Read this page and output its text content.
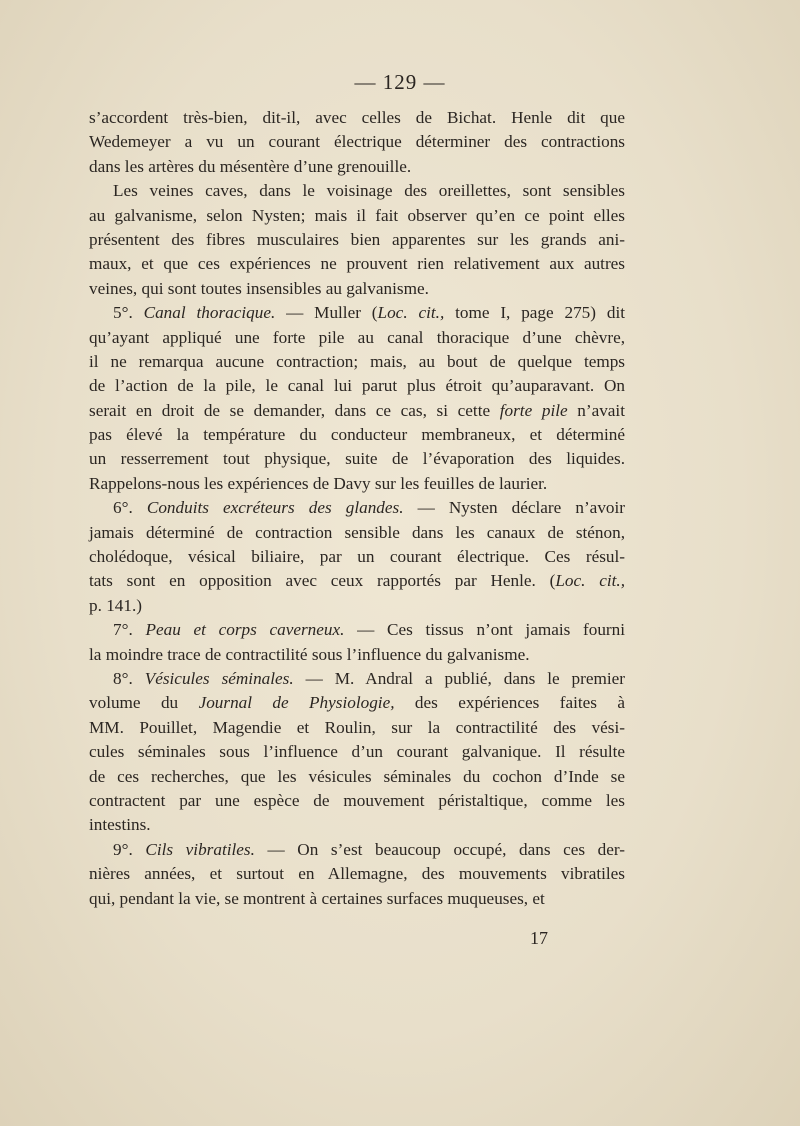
— 129 —
s’accordent très-bien, dit-il, avec celles de Bichat. Henle dit que
Wedemeyer a vu un courant électrique déterminer des contractions
dans les artères du mésentère d’une grenouille.
Les veines caves, dans le voisinage des oreillettes, sont sensibles
au galvanisme, selon Nysten; mais il fait observer qu’en ce point elles
présentent des fibres musculaires bien apparentes sur les grands ani-
maux, et que ces expériences ne prouvent rien relativement aux autres
veines, qui sont toutes insensibles au galvanisme.
5°. Canal thoracique. — Muller (Loc. cit., tome I, page 275) dit
qu’ayant appliqué une forte pile au canal thoracique d’une chèvre,
il ne remarqua aucune contraction; mais, au bout de quelque temps
de l’action de la pile, le canal lui parut plus étroit qu’auparavant. On
serait en droit de se demander, dans ce cas, si cette forte pile n’avait
pas élevé la température du conducteur membraneux, et déterminé
un resserrement tout physique, suite de l’évaporation des liquides.
Rappelons-nous les expériences de Davy sur les feuilles de laurier.
6°. Conduits excréteurs des glandes. — Nysten déclare n’avoir
jamais déterminé de contraction sensible dans les canaux de sténon,
cholédoque, vésical biliaire, par un courant électrique. Ces résul-
tats sont en opposition avec ceux rapportés par Henle. (Loc. cit.,
p. 141.)
7°. Peau et corps caverneux. — Ces tissus n’ont jamais fourni
la moindre trace de contractilité sous l’influence du galvanisme.
8°. Vésicules séminales. — M. Andral a publié, dans le premier
volume du Journal de Physiologie, des expériences faites à
MM. Pouillet, Magendie et Roulin, sur la contractilité des vési-
cules séminales sous l’influence d’un courant galvanique. Il résulte
de ces recherches, que les vésicules séminales du cochon d’Inde se
contractent par une espèce de mouvement péristaltique, comme les
intestins.
9°. Cils vibratiles. — On s’est beaucoup occupé, dans ces der-
nières années, et surtout en Allemagne, des mouvements vibratiles
qui, pendant la vie, se montrent à certaines surfaces muqueuses, et
17
